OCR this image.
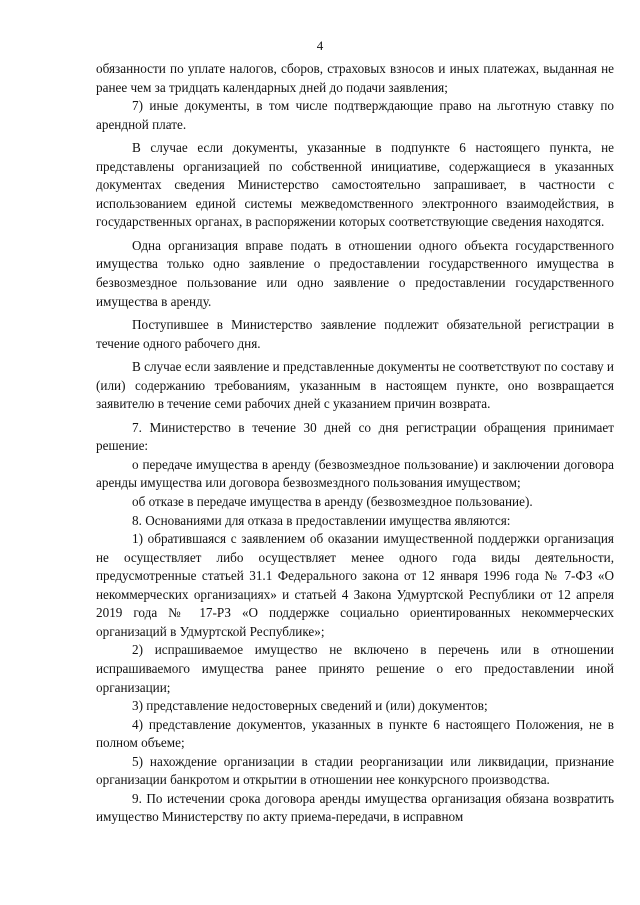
4

обязанности по уплате налогов, сборов, страховых взносов и иных платежах, выданная не ранее чем за тридцать календарных дней до подачи заявления;

7) иные документы, в том числе подтверждающие право на льготную ставку по арендной плате.

В случае если документы, указанные в подпункте 6 настоящего пункта, не представлены организацией по собственной инициативе, содержащиеся в указанных документах сведения Министерство самостоятельно запрашивает, в частности с использованием единой системы межведомственного электронного взаимодействия, в государственных органах, в распоряжении которых соответствующие сведения находятся.

Одна организация вправе подать в отношении одного объекта государственного имущества только одно заявление о предоставлении государственного имущества в безвозмездное пользование или одно заявление о предоставлении государственного имущества в аренду.

Поступившее в Министерство заявление подлежит обязательной регистрации в течение одного рабочего дня.

В случае если заявление и представленные документы не соответствуют по составу и (или) содержанию требованиям, указанным в настоящем пункте, оно возвращается заявителю в течение семи рабочих дней с указанием причин возврата.

7. Министерство в течение 30 дней со дня регистрации обращения принимает решение:

о передаче имущества в аренду (безвозмездное пользование) и заключении договора аренды имущества или договора безвозмездного пользования имуществом;

об отказе в передаче имущества в аренду (безвозмездное пользование).

8. Основаниями для отказа в предоставлении имущества являются:

1) обратившаяся с заявлением об оказании имущественной поддержки организация не осуществляет либо осуществляет менее одного года виды деятельности, предусмотренные статьей 31.1 Федерального закона от 12 января 1996 года № 7-ФЗ «О некоммерческих организациях» и статьей 4 Закона Удмуртской Республики от 12 апреля 2019 года № 17-РЗ «О поддержке социально ориентированных некоммерческих организаций в Удмуртской Республике»;

2) испрашиваемое имущество не включено в перечень или в отношении испрашиваемого имущества ранее принято решение о его предоставлении иной организации;

3) представление недостоверных сведений и (или) документов;

4) представление документов, указанных в пункте 6 настоящего Положения, не в полном объеме;

5) нахождение организации в стадии реорганизации или ликвидации, признание организации банкротом и открытии в отношении нее конкурсного производства.

9. По истечении срока договора аренды имущества организация обязана возвратить имущество Министерству по акту приема-передачи, в исправном
